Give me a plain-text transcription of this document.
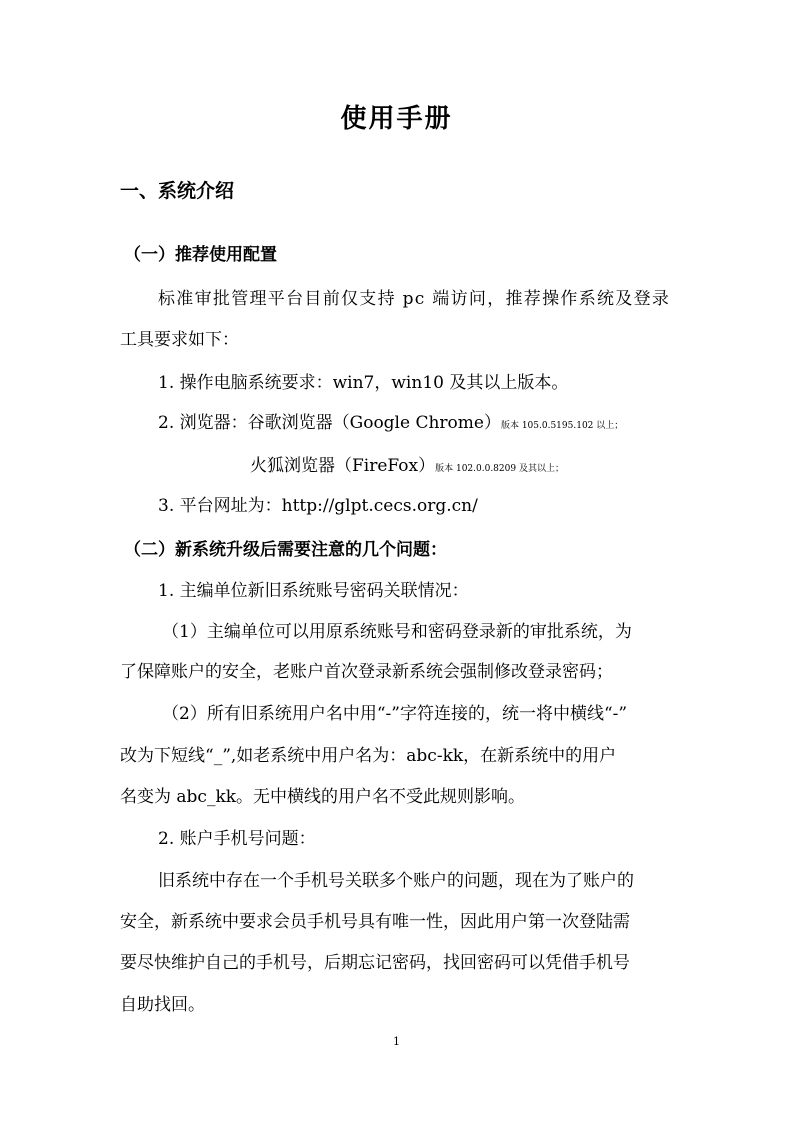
使用手册
一、系统介绍
（一）推荐使用配置
标准审批管理平台目前仅支持 pc 端访问，推荐操作系统及登录
工具要求如下：
1. 操作电脑系统要求：win7，win10 及其以上版本。
2. 浏览器：谷歌浏览器（Google Chrome）版本 105.0.5195.102 以上；
火狐浏览器（FireFox）版本 102.0.0.8209 及其以上；
3. 平台网址为：http://glpt.cecs.org.cn/
（二）新系统升级后需要注意的几个问题：
1. 主编单位新旧系统账号密码关联情况：
（1）主编单位可以用原系统账号和密码登录新的审批系统，为
了保障账户的安全，老账户首次登录新系统会强制修改登录密码；
（2）所有旧系统用户名中用“-”字符连接的，统一将中横线“-”
改为下短线“_”,如老系统中用户名为：abc-kk，在新系统中的用户
名变为 abc_kk。无中横线的用户名不受此规则影响。
2. 账户手机号问题：
旧系统中存在一个手机号关联多个账户的问题，现在为了账户的
安全，新系统中要求会员手机号具有唯一性，因此用户第一次登陆需
要尽快维护自己的手机号，后期忘记密码，找回密码可以凭借手机号
自助找回。
1
